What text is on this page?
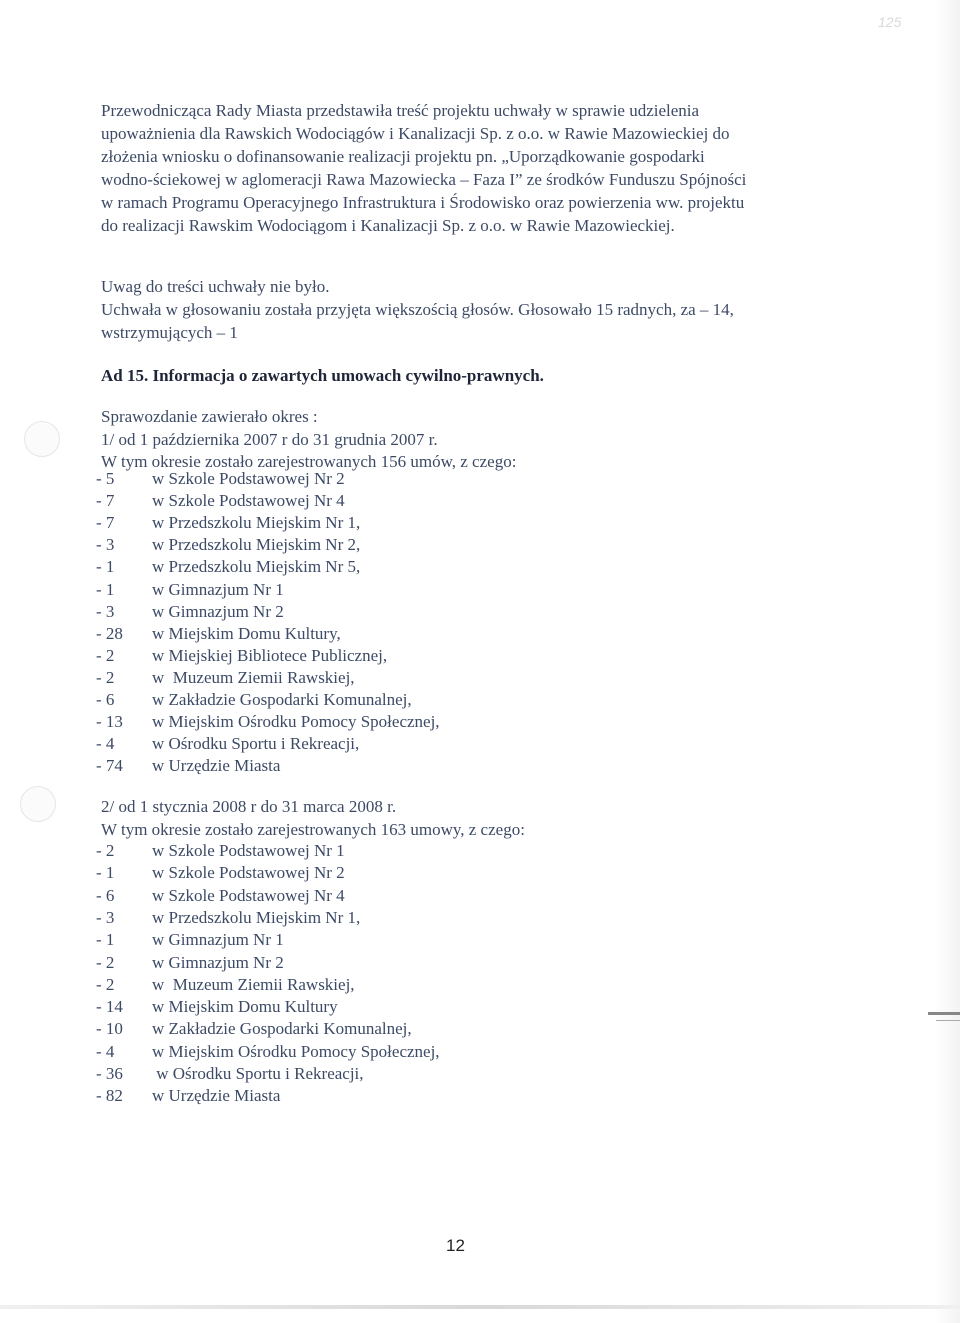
125
Przewodnicząca Rady Miasta przedstawiła treść projektu uchwały w sprawie udzielenia
upoważnienia dla Rawskich Wodociągów i Kanalizacji Sp. z o.o. w Rawie Mazowieckiej do
złożenia wniosku o dofinansowanie realizacji projektu pn. „Uporządkowanie gospodarki
wodno-ściekowej w aglomeracji Rawa Mazowiecka – Faza I” ze środków Funduszu Spójności
w ramach Programu Operacyjnego Infrastruktura i Środowisko oraz powierzenia ww. projektu
do realizacji Rawskim Wodociągom i Kanalizacji Sp. z o.o. w Rawie Mazowieckiej.
Uwag do treści uchwały nie było.
Uchwała w głosowaniu została przyjęta większością głosów. Głosowało 15 radnych, za – 14,
wstrzymujących – 1
Ad 15. Informacja o zawartych umowach cywilno-prawnych.
Sprawozdanie zawierało okres :
1/ od 1 października 2007 r do 31 grudnia 2007 r.
W tym okresie zostało zarejestrowanych 156 umów, z czego:
- 5 w Szkole Podstawowej Nr 2
- 7 w Szkole Podstawowej Nr 4
- 7 w Przedszkolu Miejskim Nr 1,
- 3 w Przedszkolu Miejskim Nr 2,
- 1 w Przedszkolu Miejskim Nr 5,
- 1 w Gimnazjum Nr 1
- 3 w Gimnazjum Nr 2
- 28 w Miejskim Domu Kultury,
- 2 w Miejskiej Bibliotece Publicznej,
- 2 w  Muzeum Ziemii Rawskiej,
- 6 w Zakładzie Gospodarki Komunalnej,
- 13 w Miejskim Ośrodku Pomocy Społecznej,
- 4 w Ośrodku Sportu i Rekreacji,
- 74 w Urzędzie Miasta
2/ od 1 stycznia 2008 r do 31 marca 2008 r.
W tym okresie zostało zarejestrowanych 163 umowy, z czego:
- 2 w Szkole Podstawowej Nr 1
- 1 w Szkole Podstawowej Nr 2
- 6 w Szkole Podstawowej Nr 4
- 3 w Przedszkolu Miejskim Nr 1,
- 1 w Gimnazjum Nr 1
- 2 w Gimnazjum Nr 2
- 2 w  Muzeum Ziemii Rawskiej,
- 14 w Miejskim Domu Kultury
- 10 w Zakładzie Gospodarki Komunalnej,
- 4 w Miejskim Ośrodku Pomocy Społecznej,
- 36 w Ośrodku Sportu i Rekreacji,
- 82 w Urzędzie Miasta
12
